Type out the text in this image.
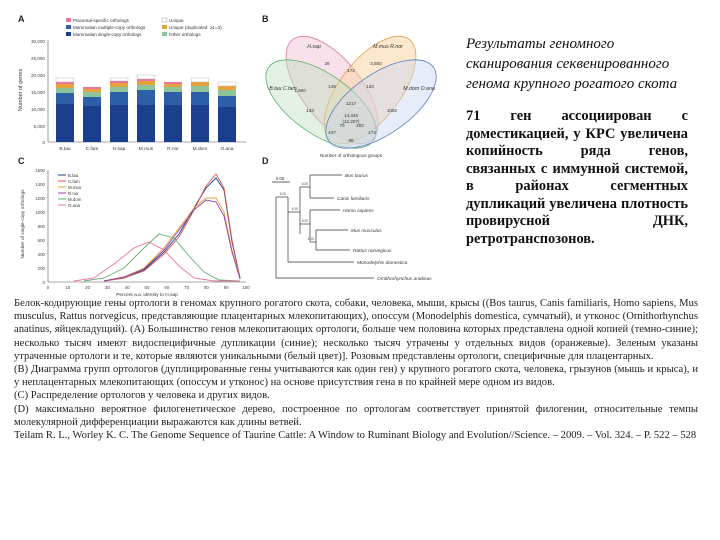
A	Placental-specific orthologs
Mammalian multiple-copy orthologs
Mammalian single-copy orthologs
Unique
Unique (duplicated: ≥1=3)
Other orthologs
Number of genes
0
5,000
10,000
15,000
20,000
25,000
30,000
B.tau	C.fam	H.sap	M.mus	R.nor	M.dom	O.ana
B
H.sap	M.mus R.nor
B.tau C.fam	M.dom O.ana
1217
14,345
(12,207)
172
26
143	1082
447
88
173
3,500
149	120
200
1,500
70
Number of orthologous groups
C
Number of single-copy orthologs
0
200
400
600
800
1000
1200
1400
1600
0	10	20	30	40	50	60	70	80	90	100
Percent a.a. identity to H.sap
B.tau
C.fam
M.mus
R.nor
M.dom
O.ana
D
0.05	Bos taurus
Canis familiaris
Homo sapiens
Mus musculus
Rattus norvegicus
Monodelphis domestica
Ornithorhynchus anatinus
100
100
100
100
100

Результаты геномного сканирования секвенированного генома крупного рогатого скота

71 ген ассоциирован с доместикацией, у КРС увеличена копийность ряда генов, связанных с иммунной системой, в районах сегментных дупликаций увеличена плотность провирусной ДНК, ретротранспозонов.

Белок-кодирующие гены ортологи в геномах крупного рогатого скота, собаки, человека, мыши, крысы ((Bos taurus, Canis familiaris, Homo sapiens, Mus musculus, Rattus norvegicus, представляющие плацентарных млекопитающих), опоссум (Monodelphis domestica, сумчатый), и утконос (Ornithorhynchus anatinus, яйцекладущий). (A) Большинство генов млекопитающих ортологи, больше чем половина которых представлена одной копией (темно-синие); несколько тысяч имеют видоспецифичные дупликации (синие); несколько тысяч утрачены у отдельных видов (оранжевые). Зеленым указаны утраченные ортологи и те, которые являются уникальными (белый цвет)]. Розовым представлены ортологи, специфичные для плацентарных.

(B) Диаграмма групп ортологов (дуплицированные гены учитываются как один ген) у крупного рогатого скота, человека, грызунов (мышь и крыса), и у неплацентарных млекопитающих (опоссум и утконос) на основе присутствия гена в по крайней мере одном из видов.

(C) Распределение ортологов у человека и других видов.

(D) максимально вероятное филогенетическое дерево, построенное по ортологам соответствует принятой филогении, относительные темпы молекулярной дифференциации выражаются как длины ветвей.

Teilam R. L., Worley K. C. The Genome Sequence of Taurine Cattle: A Window to Ruminant Biology and Evolution//Science. – 2009. – Vol. 324. – P. 522 – 528
